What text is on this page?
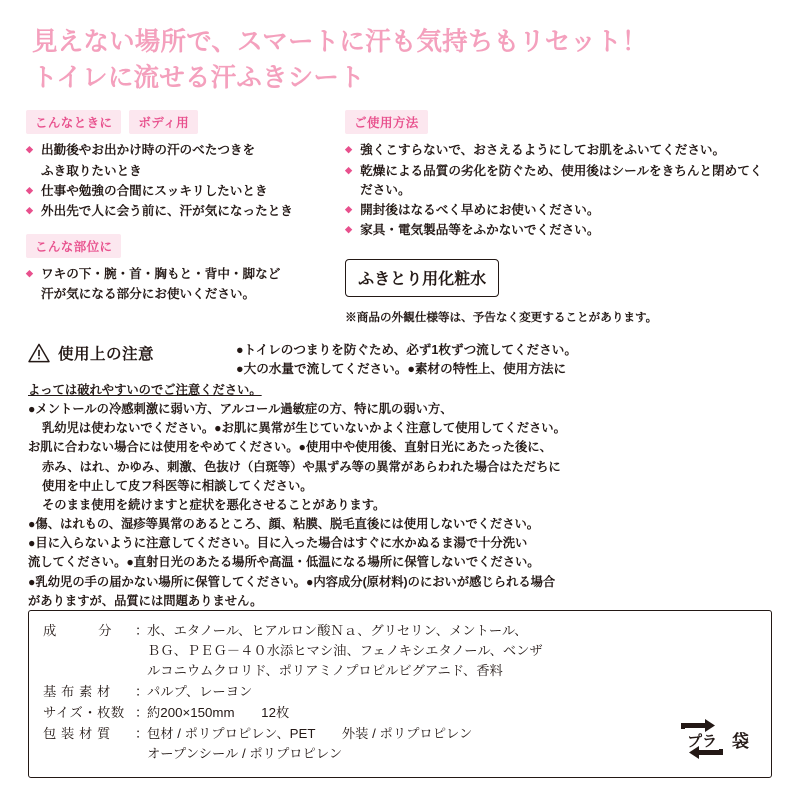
見えない場所で、スマートに汗も気持ちもリセット！
トイレに流せる汗ふきシート
こんなときに	ボディ用
◆ 出勤後やお出かけ時の汗のべたつきを
ふき取りたいとき
◆ 仕事や勉強の合間にスッキリしたいとき
◆ 外出先で人に会う前に、汗が気になったとき
こんな部位に
◆ ワキの下・腕・首・胸もと・背中・脚など
汗が気になる部分にお使いください。
ご使用方法
◆ 強くこすらないで、おさえるようにしてお肌をふいてください。
◆ 乾燥による品質の劣化を防ぐため、使用後はシールをきちんと閉めてください。
◆ 開封後はなるべく早めにお使いください。
◆ 家具・電気製品等をふかないでください。
ふきとり用化粧水
※商品の外観仕様等は、予告なく変更することがあります。
使用上の注意	●トイレのつまりを防ぐため、必ず1枚ずつ流してください。
●大の水量で流してください。●素材の特性上、使用方法に

よっては破れやすいのでご注意ください。

●メントールの冷感刺激に弱い方、アルコール過敏症の方、特に肌の弱い方、

乳幼児は使わないでください。●お肌に異常が生じていないかよく注意して使用してください。

お肌に合わない場合には使用をやめてください。●使用中や使用後、直射日光にあたった後に、

赤み、はれ、かゆみ、刺激、色抜け（白斑等）や黒ずみ等の異常があらわれた場合はただちに

使用を中止して皮フ科医等に相談してください。

そのまま使用を続けますと症状を悪化させることがあります。

●傷、はれもの、湿疹等異常のあるところ、顔、粘膜、脱毛直後には使用しないでください。

●目に入らないように注意してください。目に入った場合はすぐに水かぬるま湯で十分洗い

流してください。●直射日光のあたる場所や高温・低温になる場所に保管しないでください。

●乳幼児の手の届かない場所に保管してください。●内容成分(原材料)のにおいが感じられる場合

がありますが、品質には問題ありません。

成　　　分	：
水、エタノール、ヒアルロン酸Ｎａ、グリセリン、メントール、
ＢＧ、ＰＥＧ－４０水添ヒマシ油、フェノキシエタノール、ベンザ
ルコニウムクロリド、ポリアミノプロピルビグアニド、香料
基 布 素 材	：
パルプ、レーヨン
サイズ・枚数 ：
約200×150mm　　12枚
包 装 材 質	：
包材 / ポリプロピレン、PET　　外装 / ポリプロピレン
オープンシール / ポリプロピレン
プラ 袋
